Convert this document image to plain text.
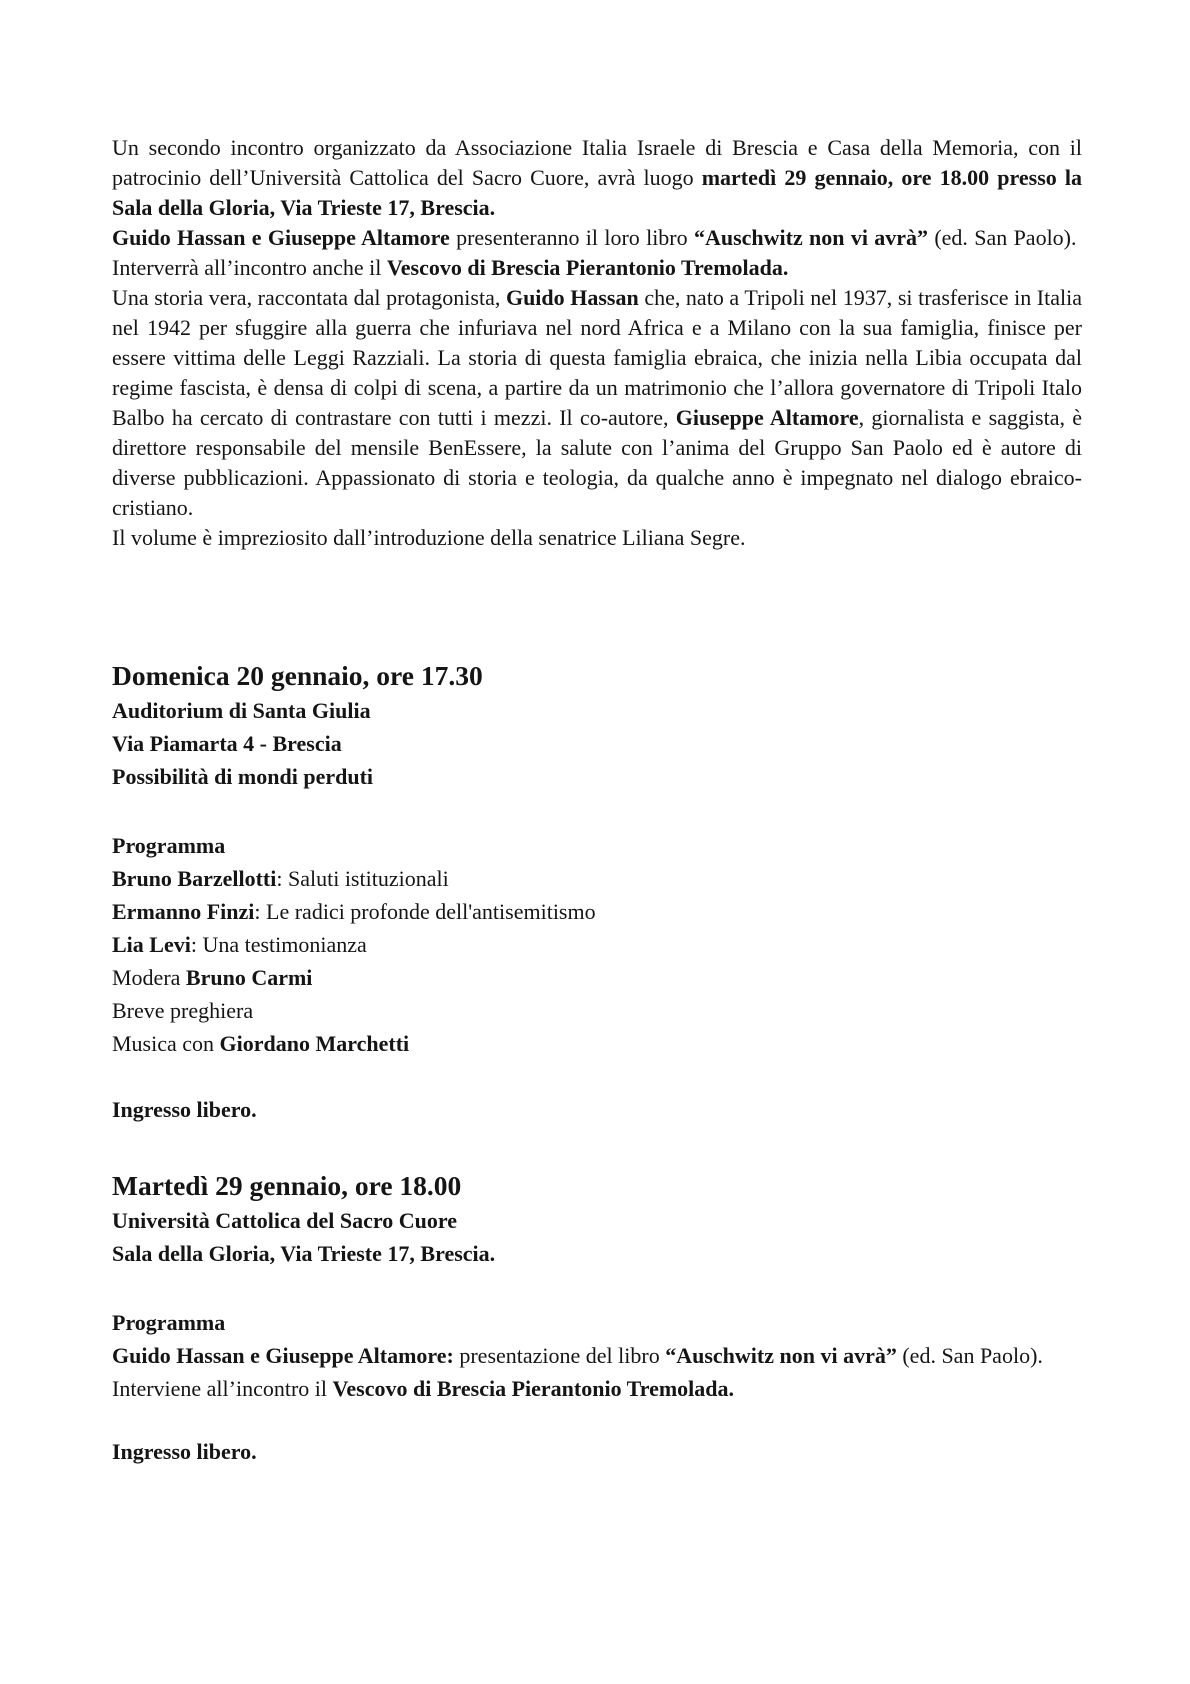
Un secondo incontro organizzato da Associazione Italia Israele di Brescia e Casa della Memoria, con il patrocinio dell’Università Cattolica del Sacro Cuore, avrà luogo martedì 29 gennaio, ore 18.00 presso la Sala della Gloria, Via Trieste 17, Brescia.

Guido Hassan e Giuseppe Altamore presenteranno il loro libro “Auschwitz non vi avrà” (ed. San Paolo).  Interverrà all’incontro anche il Vescovo di Brescia Pierantonio Tremolada.

Una storia vera, raccontata dal protagonista, Guido Hassan che, nato a Tripoli nel 1937, si trasferisce in Italia nel 1942 per sfuggire alla guerra che infuriava nel nord Africa e a Milano con la sua famiglia, finisce per essere vittima delle Leggi Razziali. La storia di questa famiglia ebraica, che inizia nella Libia occupata dal regime fascista, è densa di colpi di scena, a partire da un matrimonio che l’allora governatore di Tripoli Italo Balbo ha cercato di contrastare con tutti i mezzi. Il co-autore, Giuseppe Altamore, giornalista e saggista, è direttore responsabile del mensile BenEssere, la salute con l’anima del Gruppo San Paolo ed è autore di diverse pubblicazioni. Appassionato di storia e teologia, da qualche anno è impegnato nel dialogo ebraico-cristiano.

Il volume è impreziosito dall’introduzione della senatrice Liliana Segre.

Domenica 20 gennaio, ore 17.30

Auditorium di Santa Giulia

Via Piamarta 4 - Brescia

Possibilità di mondi perduti

Programma

Bruno Barzellotti: Saluti istituzionali

Ermanno Finzi: Le radici profonde dell'antisemitismo

Lia Levi: Una testimonianza

Modera Bruno Carmi

Breve preghiera

Musica con Giordano Marchetti

Ingresso libero.

Martedì 29 gennaio, ore 18.00

Università Cattolica del Sacro Cuore

Sala della Gloria, Via Trieste 17, Brescia.

Programma

Guido Hassan e Giuseppe Altamore: presentazione del libro “Auschwitz non vi avrà” (ed. San Paolo).

Interviene all’incontro il Vescovo di Brescia Pierantonio Tremolada.

Ingresso libero.
